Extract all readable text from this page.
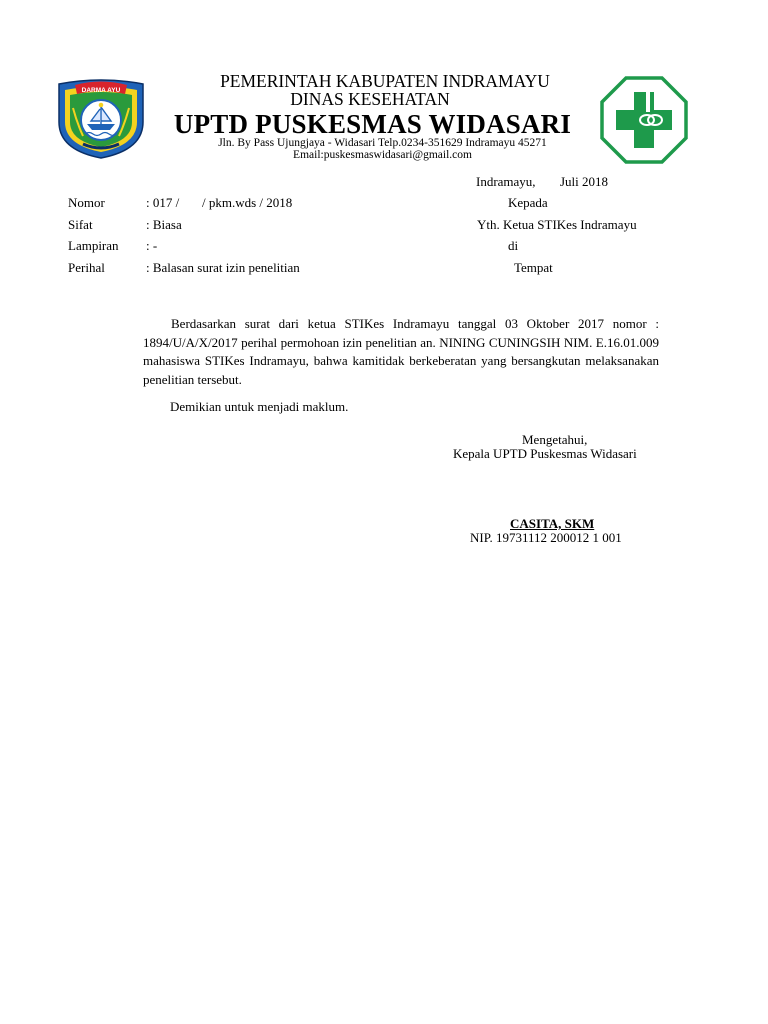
DARMA AYU	PEMERINTAH KABUPATEN INDRAMAYU
DINAS KESEHATAN
UPTD PUSKESMAS WIDASARI
Jln. By Pass Ujungjaya - Widasari Telp.0234-351629 Indramayu 45271
Email:puskesmaswidasari@gmail.com
Indramayu, Juli 2018
Nomor	: 017 /       / pkm.wds / 2018
Sifat	: Biasa
Lampiran : -
Perihal	: Balasan surat izin penelitian
Kepada
Yth. Ketua STIKes Indramayu
di
Tempat

Berdasarkan surat dari ketua STIKes Indramayu tanggal 03 Oktober 2017 nomor : 1894/U/A/X/2017 perihal permohoan izin penelitian an. NINING CUNINGSIH NIM. E.16.01.009 mahasiswa STIKes Indramayu, bahwa kamitidak berkeberatan yang bersangkutan melaksanakan penelitian tersebut.

Demikian untuk menjadi maklum.
Mengetahui,
Kepala UPTD Puskesmas Widasari
CASITA, SKM
NIP. 19731112 200012 1 001
